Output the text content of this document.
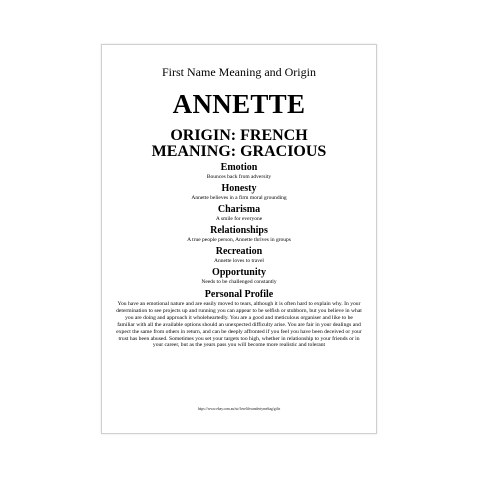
First Name Meaning and Origin
ANNETTE
ORIGIN: FRENCH
MEANING: GRACIOUS
Emotion
Bounces back from adversity
Honesty
Annette believes in a firm moral grounding
Charisma
A smile for everyone
Relationships
A true people person, Annette thrives in groups
Recreation
Annette loves to travel
Opportunity
Needs to be challenged constantly
Personal Profile
You have an emotional nature and are easily moved to tears, although it is often hard to explain why. In your determination to see projects up and running you can appear to be selfish or stubborn, but you believe in what you are doing and approach it wholeheartedly. You are a good and meticulous organiser and like to be familiar with all the available options should an unexpected difficulty arise. You are fair in your dealings and expect the same from others in return, and can be deeply affronted if you feel you have been deceived or your trust has been abused. Sometimes you set your targets too high, whether in relationship to your friends or in your career, but as the years pass you will become more realistic and tolerant
https://www.ebay.com.au/str/lovelifecanderiymeltag/gifts
